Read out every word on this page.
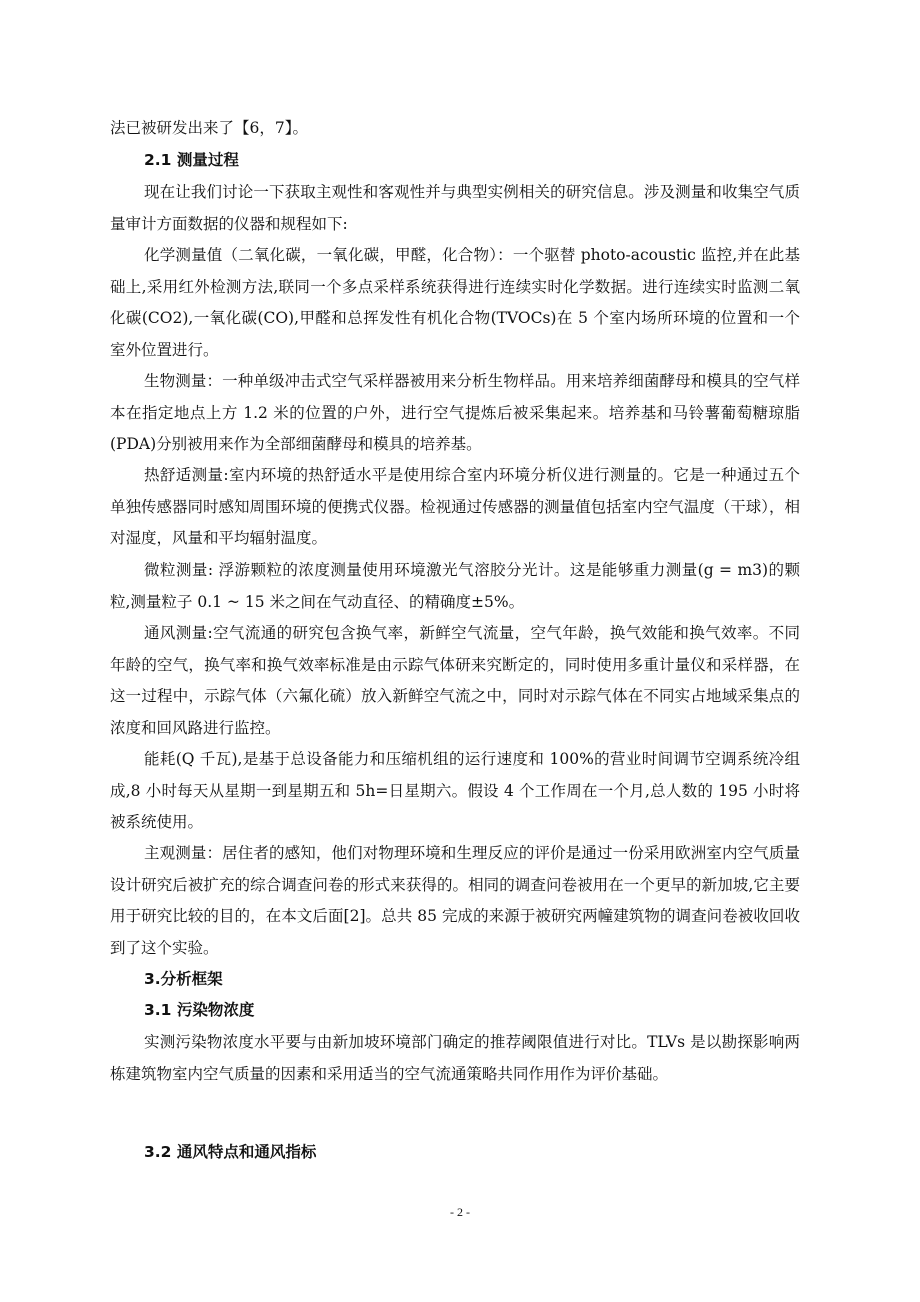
法已被研发出来了【6，7】。

2.1 测量过程

现在让我们讨论一下获取主观性和客观性并与典型实例相关的研究信息。涉及测量和收集空气质量审计方面数据的仪器和规程如下:

化学测量值（二氧化碳，一氧化碳，甲醛，化合物）：一个驱替 photo-acoustic 监控,并在此基础上,采用红外检测方法,联同一个多点采样系统获得进行连续实时化学数据。进行连续实时监测二氧化碳(CO2),一氧化碳(CO),甲醛和总挥发性有机化合物(TVOCs)在 5 个室内场所环境的位置和一个室外位置进行。

生物测量：一种单级冲击式空气采样器被用来分析生物样品。用来培养细菌酵母和模具的空气样本在指定地点上方 1.2 米的位置的户外，进行空气提炼后被采集起来。培养基和马铃薯葡萄糖琼脂(PDA)分别被用来作为全部细菌酵母和模具的培养基。

热舒适测量:室内环境的热舒适水平是使用综合室内环境分析仪进行测量的。它是一种通过五个单独传感器同时感知周围环境的便携式仪器。检视通过传感器的测量值包括室内空气温度（干球），相对湿度，风量和平均辐射温度。

微粒测量: 浮游颗粒的浓度测量使用环境激光气溶胶分光计。这是能够重力测量(g = m3)的颗粒,测量粒子 0.1 ~ 15 米之间在气动直径、的精确度±5%。

通风测量:空气流通的研究包含换气率，新鲜空气流量，空气年龄，换气效能和换气效率。不同年龄的空气，换气率和换气效率标准是由示踪气体研来究断定的，同时使用多重计量仪和采样器，在这一过程中，示踪气体（六氟化硫）放入新鲜空气流之中，同时对示踪气体在不同实占地域采集点的浓度和回风路进行监控。

能耗(Q 千瓦),是基于总设备能力和压缩机组的运行速度和 100%的营业时间调节空调系统冷组成,8 小时每天从星期一到星期五和 5h=日星期六。假设 4 个工作周在一个月,总人数的 195 小时将被系统使用。

主观测量：居住者的感知，他们对物理环境和生理反应的评价是通过一份采用欧洲室内空气质量设计研究后被扩充的综合调查问卷的形式来获得的。相同的调查问卷被用在一个更早的新加坡,它主要用于研究比较的目的，在本文后面[2]。总共 85 完成的来源于被研究两幢建筑物的调查问卷被收回收到了这个实验。

3.分析框架

3.1 污染物浓度

实测污染物浓度水平要与由新加坡环境部门确定的推荐阈限值进行对比。TLVs 是以勘探影响两栋建筑物室内空气质量的因素和采用适当的空气流通策略共同作用作为评价基础。

3.2 通风特点和通风指标

- 2 -
